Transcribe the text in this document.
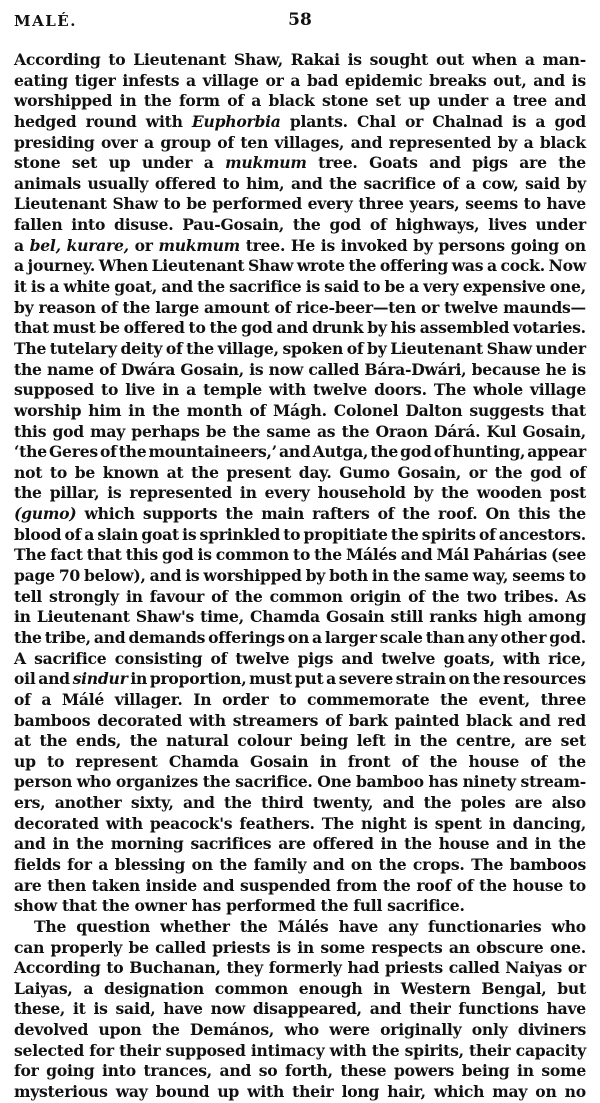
MALÉ.	58
According to Lieutenant Shaw, Rakai is sought out when a man-
eating tiger infests a village or a bad epidemic breaks out, and is
worshipped in the form of a black stone set up under a tree and
hedged round with Euphorbia plants. Chal or Chalnad is a god
presiding over a group of ten villages, and represented by a black
stone set up under a mukmum tree. Goats and pigs are the
animals usually offered to him, and the sacrifice of a cow, said by
Lieutenant Shaw to be performed every three years, seems to have
fallen into disuse. Pau-Gosain, the god of highways, lives under
a bel, kurare, or mukmum tree. He is invoked by persons going on
a journey. When Lieutenant Shaw wrote the offering was a cock. Now
it is a white goat, and the sacrifice is said to be a very expensive one,
by reason of the large amount of rice-beer—ten or twelve maunds—
that must be offered to the god and drunk by his assembled votaries.
The tutelary deity of the village, spoken of by Lieutenant Shaw under
the name of Dwára Gosain, is now called Bára-Dwári, because he is
supposed to live in a temple with twelve doors. The whole village
worship him in the month of Mágh. Colonel Dalton suggests that
this god may perhaps be the same as the Oraon Dárá. Kul Gosain,
‘the Geres of the mountaineers,’ and Autga, the god of hunting, appear
not to be known at the present day. Gumo Gosain, or the god of
the pillar, is represented in every household by the wooden post
(gumo) which supports the main rafters of the roof. On this the
blood of a slain goat is sprinkled to propitiate the spirits of ancestors.
The fact that this god is common to the Málés and Mál Pahárias (see
page 70 below), and is worshipped by both in the same way, seems to
tell strongly in favour of the common origin of the two tribes. As
in Lieutenant Shaw's time, Chamda Gosain still ranks high among
the tribe, and demands offerings on a larger scale than any other god.
A sacrifice consisting of twelve pigs and twelve goats, with rice,
oil and sindur in proportion, must put a severe strain on the resources
of a Málé villager. In order to commemorate the event, three
bamboos decorated with streamers of bark painted black and red
at the ends, the natural colour being left in the centre, are set
up to represent Chamda Gosain in front of the house of the
person who organizes the sacrifice. One bamboo has ninety stream-
ers, another sixty, and the third twenty, and the poles are also
decorated with peacock's feathers. The night is spent in dancing,
and in the morning sacrifices are offered in the house and in the
fields for a blessing on the family and on the crops. The bamboos
are then taken inside and suspended from the roof of the house to
show that the owner has performed the full sacrifice.
The question whether the Málés have any functionaries who
can properly be called priests is in some respects an obscure one.
According to Buchanan, they formerly had priests called Naiyas or
Laiyas, a designation common enough in Western Bengal, but
these, it is said, have now disappeared, and their functions have
devolved upon the Demános, who were originally only diviners
selected for their supposed intimacy with the spirits, their capacity
for going into trances, and so forth, these powers being in some
mysterious way bound up with their long hair, which may on no
